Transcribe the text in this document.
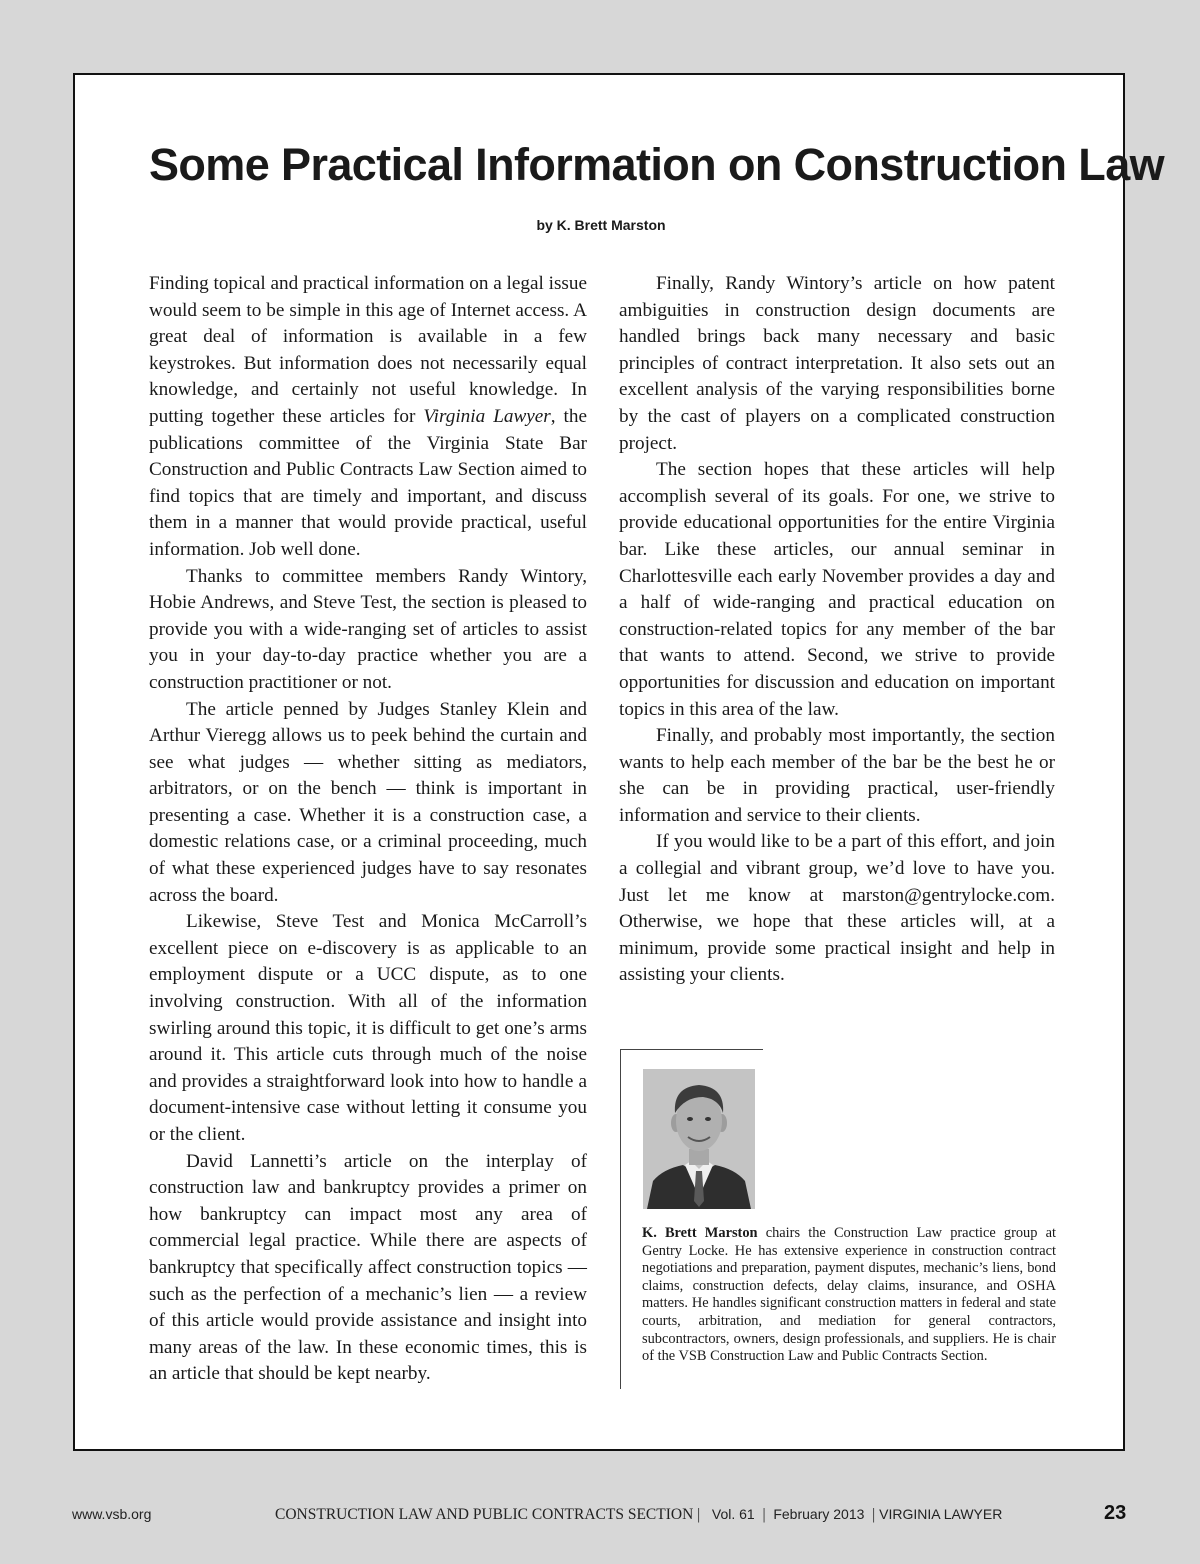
Some Practical Information on Construction Law
by K. Brett Marston

Finding topical and practical information on a legal issue would seem to be simple in this age of Internet access. A great deal of information is available in a few keystrokes. But information does not necessarily equal knowledge, and certainly not useful knowledge. In putting together these articles for Virginia Lawyer, the publications committee of the Virginia State Bar Construction and Public Contracts Law Section aimed to find topics that are timely and important, and discuss them in a manner that would provide practical, useful information. Job well done.

Thanks to committee members Randy Wintory, Hobie Andrews, and Steve Test, the section is pleased to provide you with a wide-ranging set of articles to assist you in your day-to-day practice whether you are a construction practitioner or not.

The article penned by Judges Stanley Klein and Arthur Vieregg allows us to peek behind the curtain and see what judges — whether sitting as mediators, arbitrators, or on the bench — think is important in presenting a case. Whether it is a construction case, a domestic relations case, or a criminal proceeding, much of what these experienced judges have to say resonates across the board.

Likewise, Steve Test and Monica McCarroll’s excellent piece on e-discovery is as applicable to an employment dispute or a UCC dispute, as to one involving construction. With all of the information swirling around this topic, it is difficult to get one’s arms around it. This article cuts through much of the noise and provides a straightforward look into how to handle a document-intensive case without letting it consume you or the client.

David Lannetti’s article on the interplay of construction law and bankruptcy provides a primer on how bankruptcy can impact most any area of commercial legal practice. While there are aspects of bankruptcy that specifically affect construction topics — such as the perfection of a mechanic’s lien — a review of this article would provide assistance and insight into many areas of the law. In these economic times, this is an article that should be kept nearby.

Finally, Randy Wintory’s article on how patent ambiguities in construction design documents are handled brings back many necessary and basic principles of contract interpretation. It also sets out an excellent analysis of the varying responsibilities borne by the cast of players on a complicated construction project.

The section hopes that these articles will help accomplish several of its goals. For one, we strive to provide educational opportunities for the entire Virginia bar. Like these articles, our annual seminar in Charlottesville each early November provides a day and a half of wide-ranging and practical education on construction-related topics for any member of the bar that wants to attend. Second, we strive to provide opportunities for discussion and education on important topics in this area of the law.

Finally, and probably most importantly, the section wants to help each member of the bar be the best he or she can be in providing practical, user-friendly information and service to their clients.

If you would like to be a part of this effort, and join a collegial and vibrant group, we’d love to have you. Just let me know at marston@gentrylocke.com. Otherwise, we hope that these articles will, at a minimum, provide some practical insight and help in assisting your clients.

K. Brett Marston chairs the Construction Law practice group at Gentry Locke. He has extensive experience in construction contract negotiations and preparation, payment disputes, mechanic’s liens, bond claims, construction defects, delay claims, insurance, and OSHA matters. He handles significant construction matters in federal and state courts, arbitration, and mediation for general contractors, subcontractors, owners, design professionals, and suppliers. He is chair of the VSB Construction Law and Public Contracts Section.

www.vsb.org	CONSTRUCTION LAW AND PUBLIC CONTRACTS SECTION | Vol. 61 | February 2013 | VIRGINIA LAWYER	23
